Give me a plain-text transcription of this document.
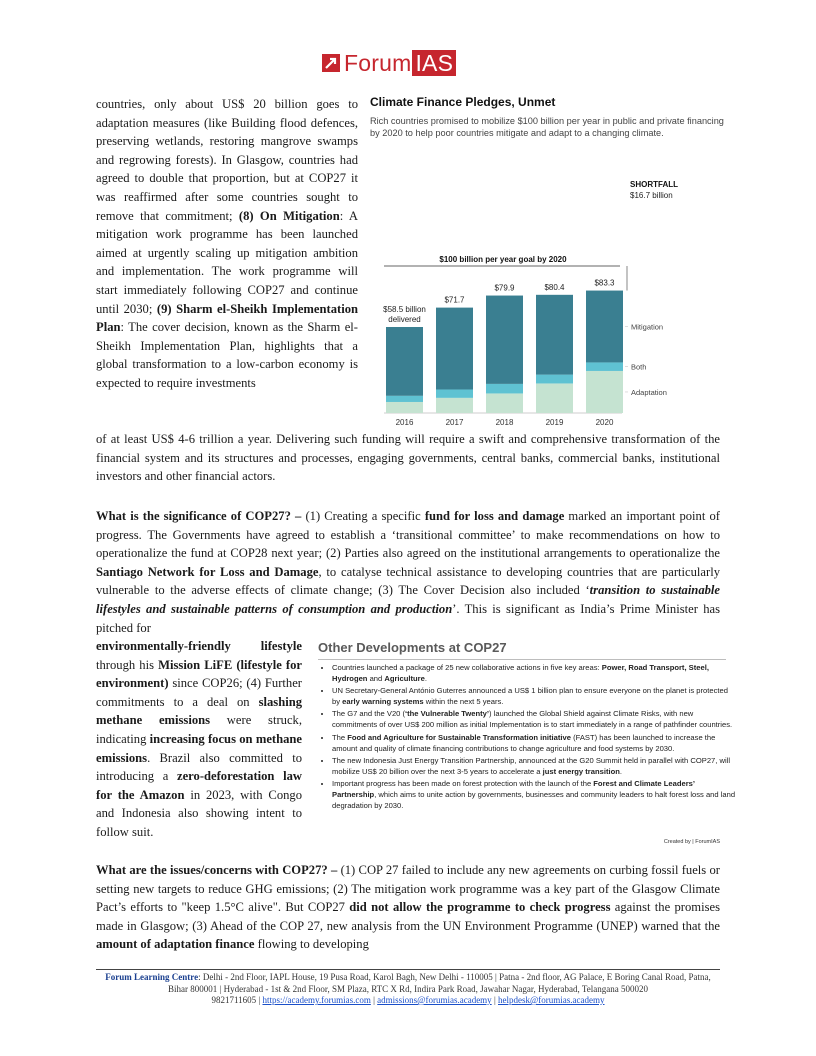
Forum IAS
countries, only about US$ 20 billion goes to adaptation measures (like Building flood defences, preserving wetlands, restoring mangrove swamps and regrowing forests). In Glasgow, countries had agreed to double that proportion, but at COP27 it was reaffirmed after some countries sought to remove that commitment; (8) On Mitigation: A mitigation work programme has been launched aimed at urgently scaling up mitigation ambition and implementation. The work programme will start immediately following COP27 and continue until 2030; (9) Sharm el-Sheikh Implementation Plan: The cover decision, known as the Sharm el-Sheikh Implementation Plan, highlights that a global transformation to a low-carbon economy is expected to require investments
$100 billion per year goal by 2020
$58.5 billion
delivered
2016
$71.7
2017
$79.9
2018
$80.4
2019
$83.3
2020
SHORTFALL
$16.7 billion
Mitigation
Both
Adaptation
Climate Finance Pledges, Unmet
Rich countries promised to mobilize $100 billion per year in public and private financing by 2020 to help poor countries mitigate and adapt to a changing climate.
of at least US$ 4-6 trillion a year. Delivering such funding will require a swift and comprehensive transformation of the financial system and its structures and processes, engaging governments, central banks, commercial banks, institutional investors and other financial actors.
What is the significance of COP27? – (1) Creating a specific fund for loss and damage marked an important point of progress. The Governments have agreed to establish a ‘transitional committee’ to make recommendations on how to operationalize the fund at COP28 next year; (2) Parties also agreed on the institutional arrangements to operationalize the Santiago Network for Loss and Damage, to catalyse technical assistance to developing countries that are particularly vulnerable to the adverse effects of climate change; (3) The Cover Decision also included ‘transition to sustainable lifestyles and sustainable patterns of consumption and production’. This is significant as India’s Prime Minister has pitched for
environmentally-friendly lifestyle through his Mission LiFE (lifestyle for environment) since COP26; (4) Further commitments to a deal on slashing methane emissions were struck, indicating increasing focus on methane emissions. Brazil also committed to introducing a zero-deforestation law for the Amazon in 2023, with Congo and Indonesia also showing intent to follow suit.
Other Developments at COP27
• Countries launched a package of 25 new collaborative actions in five key areas: Power, Road Transport, Steel, Hydrogen and Agriculture.
• UN Secretary-General António Guterres announced a US$ 1 billion plan to ensure everyone on the planet is protected by early warning systems within the next 5 years.
• The G7 and the V20 (‘the Vulnerable Twenty’) launched the Global Shield against Climate Risks, with new commitments of over US$ 200 million as initial Implementation is to start immediately in a range of pathfinder countries.
• The Food and Agriculture for Sustainable Transformation initiative (FAST) has been launched to increase the amount and quality of climate financing contributions to change agriculture and food systems by 2030.
• The new Indonesia Just Energy Transition Partnership, announced at the G20 Summit held in parallel with COP27, will mobilize US$ 20 billion over the next 3-5 years to accelerate a just energy transition.
• Important progress has been made on forest protection with the launch of the Forest and Climate Leaders’ Partnership, which aims to unite action by governments, businesses and community leaders to halt forest loss and land degradation by 2030.
Created by | ForumIAS
What are the issues/concerns with COP27? – (1) COP 27 failed to include any new agreements on curbing fossil fuels or setting new targets to reduce GHG emissions; (2) The mitigation work programme was a key part of the Glasgow Climate Pact’s efforts to "keep 1.5°C alive". But COP27 did not allow the programme to check progress against the promises made in Glasgow; (3) Ahead of the COP 27, new analysis from the UN Environment Programme (UNEP) warned that the amount of adaptation finance flowing to developing
Forum Learning Centre: Delhi - 2nd Floor, IAPL House, 19 Pusa Road, Karol Bagh, New Delhi - 110005 | Patna - 2nd floor, AG Palace, E Boring Canal Road, Patna, Bihar 800001 | Hyderabad - 1st & 2nd Floor, SM Plaza, RTC X Rd, Indira Park Road, Jawahar Nagar, Hyderabad, Telangana 500020
9821711605 | https://academy.forumias.com | admissions@forumias.academy | helpdesk@forumias.academy
